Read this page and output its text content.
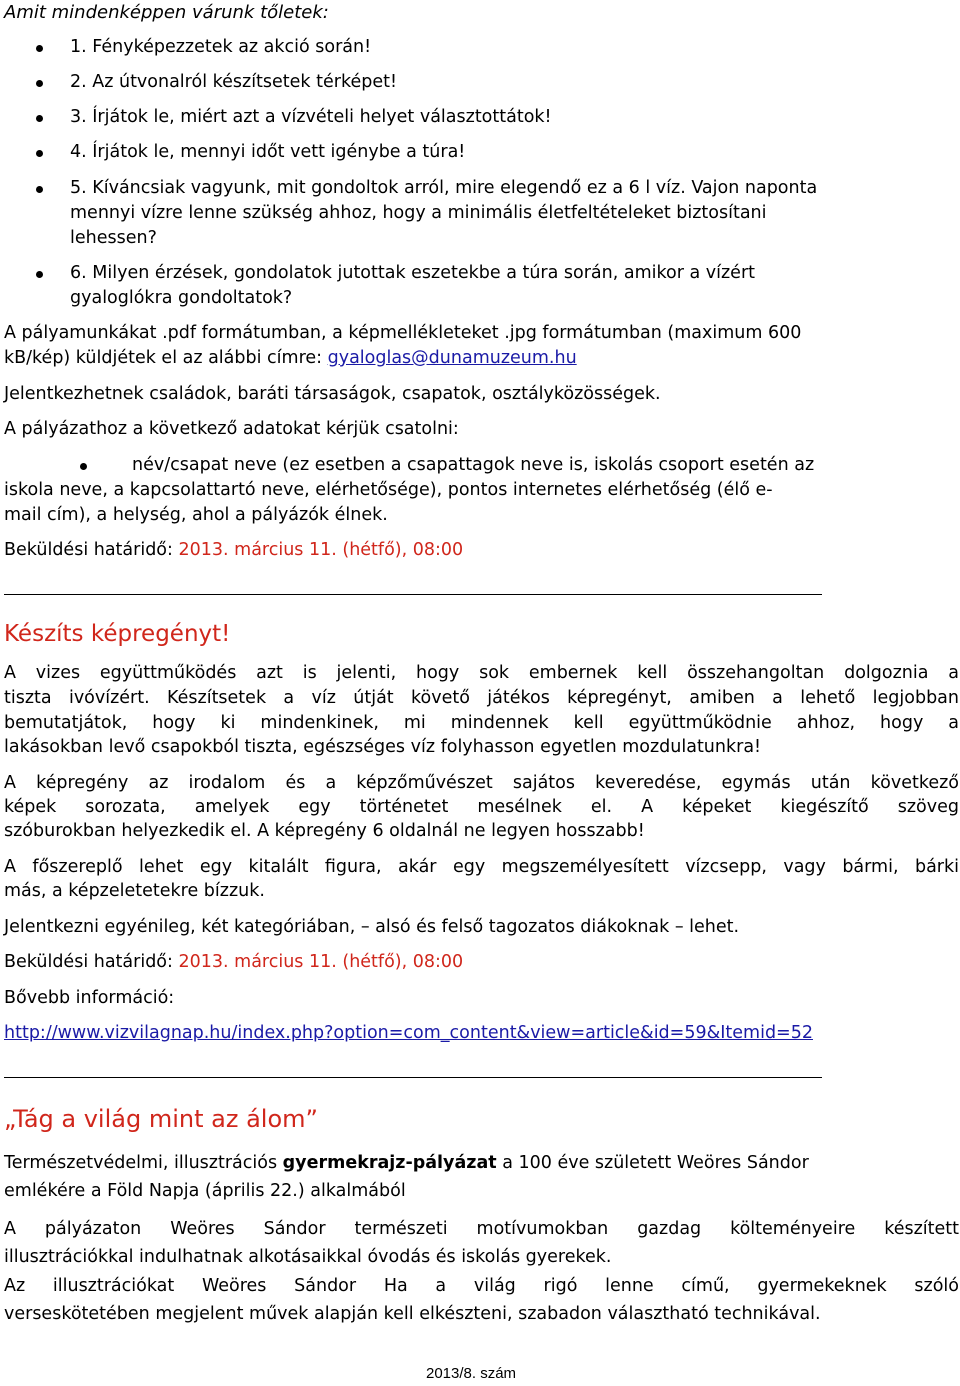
Amit mindenképpen várunk tőletek:
1. Fényképezzetek az akció során!
2. Az útvonalról készítsetek térképet!
3. Írjátok le, miért azt a vízvételi helyet választottátok!
4. Írjátok le, mennyi időt vett igénybe a túra!
5. Kíváncsiak vagyunk, mit gondoltok arról, mire elegendő ez a 6 l víz. Vajon naponta
mennyi vízre lenne szükség ahhoz, hogy a minimális életfeltételeket biztosítani
lehessen?
6. Milyen érzések, gondolatok jutottak eszetekbe a túra során, amikor a vízért
gyaloglókra gondoltatok?
A pályamunkákat .pdf formátumban, a képmellékleteket .jpg formátumban (maximum 600
kB/kép) küldjétek el az alábbi címre: gyaloglas@dunamuzeum.hu
Jelentkezhetnek családok, baráti társaságok, csapatok, osztályközösségek.
A pályázathoz a következő adatokat kérjük csatolni:
név/csapat neve (ez esetben a csapattagok neve is, iskolás csoport esetén az
iskola neve, a kapcsolattartó neve, elérhetősége), pontos internetes elérhetőség (élő e-
mail cím), a helység, ahol a pályázók élnek.
Beküldési határidő: 2013. március 11. (hétfő), 08:00
Készíts képregényt!
A vizes együttműködés azt is jelenti, hogy sok embernek kell összehangoltan dolgoznia a
tiszta ivóvízért. Készítsetek a víz útját követő játékos képregényt, amiben a lehető legjobban
bemutatjátok, hogy ki mindenkinek, mi mindennek kell együttműködnie ahhoz, hogy a
lakásokban levő csapokból tiszta, egészséges víz folyhasson egyetlen mozdulatunkra!
A képregény az irodalom és a képzőművészet sajátos keveredése, egymás után következő
képek sorozata, amelyek egy történetet mesélnek el. A képeket kiegészítő szöveg
szóburokban helyezkedik el. A képregény 6 oldalnál ne legyen hosszabb!
A főszereplő lehet egy kitalált figura, akár egy megszemélyesített vízcsepp, vagy bármi, bárki
más, a képzeletetekre bízzuk.
Jelentkezni egyénileg, két kategóriában, – alsó és felső tagozatos diákoknak – lehet.
Beküldési határidő: 2013. március 11. (hétfő), 08:00
Bővebb információ:
http://www.vizvilagnap.hu/index.php?option=com_content&view=article&id=59&Itemid=52
„Tág a világ mint az álom”
Természetvédelmi, illusztrációs gyermekrajz-pályázat a 100 éve született Weöres Sándor
emlékére a Föld Napja (április 22.) alkalmából
A pályázaton Weöres Sándor természeti motívumokban gazdag költeményeire készített
illusztrációkkal indulhatnak alkotásaikkal óvodás és iskolás gyerekek.
Az illusztrációkat Weöres Sándor Ha a világ rigó lenne című, gyermekeknek szóló
verseskötetében megjelent művek alapján kell elkészteni, szabadon választható technikával.
2013/8. szám
